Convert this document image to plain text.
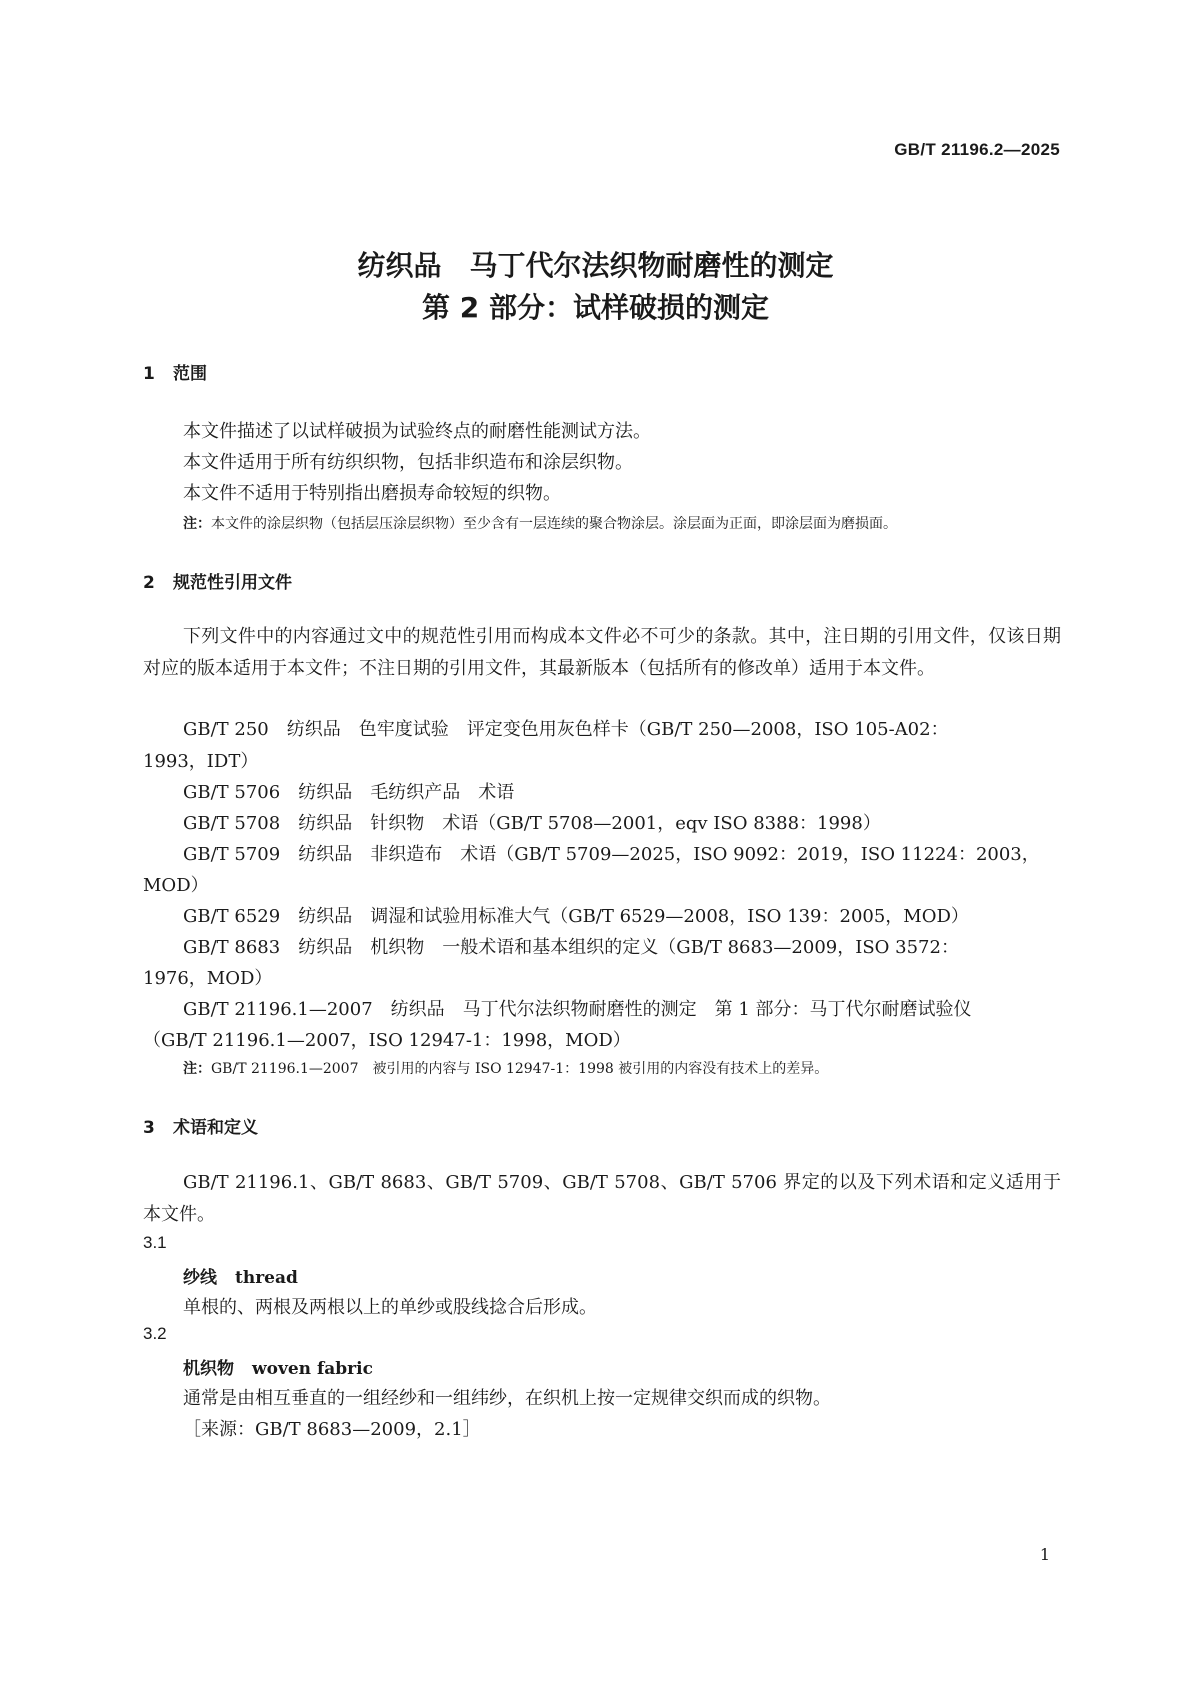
GB/T 21196.2—2025
纺织品　马丁代尔法织物耐磨性的测定
第 2 部分：试样破损的测定
1 范围
本文件描述了以试样破损为试验终点的耐磨性能测试方法。
本文件适用于所有纺织织物，包括非织造布和涂层织物。
本文件不适用于特别指出磨损寿命较短的织物。
注：本文件的涂层织物（包括层压涂层织物）至少含有一层连续的聚合物涂层。涂层面为正面，即涂层面为磨损面。
2 规范性引用文件
下列文件中的内容通过文中的规范性引用而构成本文件必不可少的条款。其中，注日期的引用文件，仅该日期对应的版本适用于本文件；不注日期的引用文件，其最新版本（包括所有的修改单）适用于本文件。
GB/T 250　纺织品　色牢度试验　评定变色用灰色样卡（GB/T 250—2008，ISO 105-A02：
1993，IDT）
GB/T 5706　纺织品　毛纺织产品　术语
GB/T 5708　纺织品　针织物　术语（GB/T 5708—2001，eqv ISO 8388：1998）
GB/T 5709　纺织品　非织造布　术语（GB/T 5709—2025，ISO 9092：2019，ISO 11224：2003，
MOD）
GB/T 6529　纺织品　调湿和试验用标准大气（GB/T 6529—2008，ISO 139：2005，MOD）
GB/T 8683　纺织品　机织物　一般术语和基本组织的定义（GB/T 8683—2009，ISO 3572：
1976，MOD）
GB/T 21196.1—2007　纺织品　马丁代尔法织物耐磨性的测定　第 1 部分：马丁代尔耐磨试验仪
（GB/T 21196.1—2007，ISO 12947-1：1998，MOD）
注：GB/T 21196.1—2007　被引用的内容与 ISO 12947-1：1998 被引用的内容没有技术上的差异。
3 术语和定义
GB/T 21196.1、GB/T 8683、GB/T 5709、GB/T 5708、GB/T 5706 界定的以及下列术语和定义适用于本文件。
3.1
纱线 thread
单根的、两根及两根以上的单纱或股线捻合后形成。
3.2
机织物 woven fabric
通常是由相互垂直的一组经纱和一组纬纱，在织机上按一定规律交织而成的织物。
［来源：GB/T 8683—2009，2.1］
1
